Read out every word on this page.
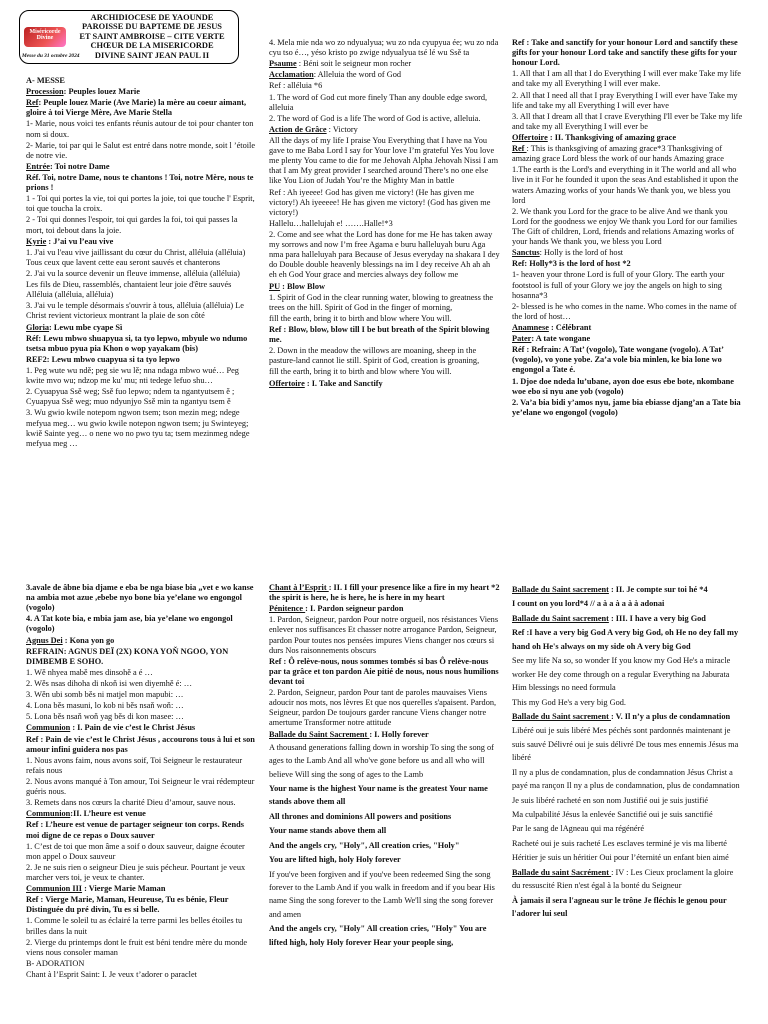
Miséricorde Divine
ARCHIDIOCESE DE YAOUNDE
PAROISSE DU BAPTEME DE JESUS
ET SAINT AMBROISE – CITE VERTE
CHŒUR DE LA MISERICORDE
DIVINE SAINT JEAN PAUL II
Messe du 31 octobre 2024

A- MESSE

Procession: Peuples louez Marie

Ref: Peuple louez Marie (Ave Marie) la mère au coeur aimant, gloire à toi Vierge Mère, Ave Marie Stella

1- Marie, nous voici tes enfants réunis autour de toi pour chanter ton nom si doux.

2- Marie, toi par qui le Salut est entré dans notre monde, soit l ’étoile de notre vie.

Entrée: Toi notre Dame

Réf. Toi, notre Dame, nous te chantons ! Toi, notre Mère, nous te prions !

1 - Toi qui portes la vie, toi qui portes la joie, toi que touche l' Esprit, toi que toucha la croix.

2 - Toi qui donnes l'espoir, toi qui gardes la foi, toi qui passes la mort, toi debout dans la joie.

Kyrie : J’ai vu l’eau vive

1. J'ai vu l'eau vive jaillissant du cœur du Christ, alléluia (alléluia) Tous ceux que lavent cette eau seront sauvés et chanterons

2. J'ai vu la source devenir un fleuve immense, alléluia (alléluia)

Les fils de Dieu, rassemblés, chantaient leur joie d'être sauvés Alléluia (alléluia, alléluia)

3. J'ai vu le temple désormais s'ouvrir à tous, alléluia (alléluia) Le Christ revient victorieux montrant la plaie de son côté

Gloria: Lewu mbe cyape Sì

Réf: Lewu mbwo shuapyua si, ta tyo lepwo, mbyule wo ndumo tsetsa mbuo pyua pia Khon o wop yayakam (bis)

REF2: Lewu mbwo cuapyua si ta tyo lepwo

1. Peg wute wu ndě; peg sie wu lě; nna ndaga mbwo wué… Peg kwite mvo wu; ndzop me ku' mu; nti tedege lefuo shu…

2. Cyuapyua Ssě weg; Ssě fuo lepwo; ndem ta ngantyutsem ě ; Cyuapyua Ssě weg; muo ndyunjyo Ssě min ta ngantyu tsem ě

3. Wu gwio kwile notepom ngwon tsem; tson mezin meg; ndege mefyua meg… wu gwio kwile notepon ngwon tsem; ju Swinteyeg; kwiě Sainte yeg… o nene wo no pwo tyu ta; tsem mezinmeg ndege mefyua meg …

4. Mela mie nda wo zo ndyualyua; wu zo nda cyupyua ée; wu zo nda cyu tso é…, yéso kristo po zwige ndyualyua tsé lé wu Ssě ta

Psaume : Béni soit le seigneur mon rocher

Acclamation: Alleluia the word of God

Ref : alléluia *6

1. The word of God cut more finely Than any double edge sword, alleluia

2. The word of God is a life The word of God is active, alleluia.

Action de Grâce : Victory

All the days of my life I praise You Everything that I have na You gave to me Baba Lord I say for Your love I’m grateful Yes You love me plenty You came to die for me Jehovah Alpha Jehovah Nissi I am that I am My great provider I searched around There’s no one else like You Lion of Judah You’re the Mighty Man in battle

Ref : Ah iyeeee! God has given me victory! (He has given me victory!) Ah iyeeeee! He has given me victory! (God has given me victory!)

Hallelu…hallelujah e! …….Halle!*3

2. Come and see what the Lord has done for me He has taken away my sorrows and now I’m free Agama e buru halleluyah buru Aga nma para halleluyah para Because of Jesus everyday na shakara I dey do Double double heavenly blessings na im I dey receive Ah ah ah eh eh God Your grace and mercies always dey follow me

PU : Blow Blow

1. Spirit of God in the clear running water, blowing to greatness the trees on the hill. Spirit of God in the finger of morning,

fill the earth, bring it to birth and blow where You will.

Ref : Blow, blow, blow till I be but breath of the Spirit blowing me.

2. Down in the meadow the willows are moaning, sheep in the pasture-land cannot lie still. Spirit of God, creation is groaning,

fill the earth, bring it to birth and blow where You will.

Offertoire : I. Take and Sanctify

Ref : Take and sanctify for your honour Lord and sanctify these gifts for your honour Lord take and sanctify these gifts for your honour Lord.

1. All that I am all that I do Everything I will ever make Take my life and take my all Everything I will ever make.

2. All that I need all that I pray Everything I will ever have Take my life and take my all Everything I will ever have

3. All that I dream all that I crave Everything I'll ever be Take my life and take my all Everything I will ever be

Offertoire : II. Thanksgiving of amazing grace

Ref : This is thanksgiving of amazing grace*3 Thanksgiving of amazing grace Lord bless the work of our hands Amazing grace

1.The earth is the Lord's and everything in it The world and all who live in it For he founded it upon the seas And established it upon the waters Amazing works of your hands We thank you, we bless you lord

2. We thank you Lord for the grace to be alive And we thank you Lord for the goodness we enjoy We thank you Lord for our families The Gift of children, Lord, friends and relations Amazing works of your hands We thank you, we bless you Lord

Sanctus: Holly is the lord of host

Ref: Holly*3 is the lord of host *2

1- heaven your throne Lord is full of your Glory. The earth your footstool is full of your Glory we joy the angels on high to sing hosanna*3

2- blessed is he who comes in the name. Who comes in the name of the lord of host…

Anamnese : Célébrant

Pater: A tate wongane

Réf : Refrain: A Tat’ (vogolo), Tate wongane (vogolo). A Tat’ (vogolo), vo yone yobe. Za’a vole bia minlen, ke bia lone wo engongol a Tate é.

1. Djoe doe ndeda lu’ubane, ayon doe esus ebe bote, nkombane woe ebo si nyu ane yob (vogolo)

2. Va’a bia bidi y’amos nyu, jame bia ebiasse djang’an a Tate bia ye’elane wo engongol (vogolo)

3.avale de âbne bia djame e eba be nga biase bia „vet e wo kanse na ambia mot azue ,ebebe nyo bone bia ye’elane wo engongol (vogolo)

4. A Tat kote bia, e mbia jam ase, bia ye’elane wo engongol (vogolo)

Agnus Dei : Kona yon go

REFRAIN: AGNUS DEÏ (2X) KONA YOŇ NGOO, YON DIMBEMB E SOHO.

1. Wě nhyea mabě mes dinsohě a é …

2. Wěs nsas dihoha di nkoň isi wen diyemhě é: …

3. Wěn ubi somb běs ni matjel mon mapubi: …

4. Lona běs masuni, lo kob ni běs nsaň woň: …

5. Lona běs nsaň woň yag běs di kon masee: …

Communion : I. Pain de vie c’est le Christ Jésus

Ref : Pain de vie c’est le Christ Jésus , accourons tous à lui et son amour infini guidera nos pas

1. Nous avons faim, nous avons soif, Toi Seigneur le restaurateur refais nous

2. Nous avons manqué à Ton amour, Toi Seigneur le vrai rédempteur guéris nous.

3. Remets dans nos cœurs la charité Dieu d’amour, sauve nous.

Communion:II. L’heure est venue

Ref : L’heure est venue de partager seigneur ton corps. Rends moi digne de ce repas o Doux sauver

1. C’est de toi que mon âme a soif o doux sauveur, daigne écouter mon appel o Doux sauveur

2. Je ne suis rien o seigneur Dieu je suis pécheur. Pourtant je veux marcher vers toi, je veux te chanter.

Communion III : Vierge Marie Maman

Ref : Vierge Marie, Maman, Heureuse, Tu es bénie, Fleur Distinguée du pré divin, Tu es si belle.

1. Comme le soleil tu as éclairé la terre parmi les belles étoiles tu brilles dans la nuit

2. Vierge du printemps dont le fruit est béni tendre mère du monde viens nous consoler maman

B- ADORATION

Chant à l’Esprit Saint: I. Je veux t’adorer o paraclet

Chant à l’Esprit : II. I fill your presence like a fire in my heart *2 the spirit is here, he is here, he is here in my heart

Pénitence : I. Pardon seigneur pardon

1. Pardon, Seigneur, pardon Pour notre orgueil, nos résistances Viens enlever nos suffisances Et chasser notre arrogance Pardon, Seigneur, pardon Pour toutes nos pensées impures Viens changer nos cœurs si durs Nos raisonnements obscurs

Ref : Ô relève-nous, nous sommes tombés si bas Ô relève-nous par ta grâce et ton pardon Aie pitié de nous, nous nous humilions devant toi

2. Pardon, Seigneur, pardon Pour tant de paroles mauvaises Viens adoucir nos mots, nos lèvres Et que nos querelles s'apaisent. Pardon, Seigneur, pardon De toujours garder rancune Viens changer notre amertume Transformer notre attitude

Ballade du Saint Sacrement : I. Holly forever

A thousand generations falling down in worship To sing the song of ages to the Lamb And all who've gone before us and all who will believe Will sing the song of ages to the Lamb

Your name is the highest Your name is the greatest Your name stands above them all

All thrones and dominions All powers and positions

Your name stands above them all

And the angels cry, "Holy", All creation cries, "Holy"

You are lifted high, holy Holy forever

If you've been forgiven and if you've been redeemed Sing the song forever to the Lamb And if you walk in freedom and if you bear His name Sing the song forever to the Lamb We'll sing the song forever and amen

And the angels cry, "Holy" All creation cries, "Holy" You are lifted high, holy Holy forever Hear your people sing,

Ballade du Saint sacrement : II. Je compte sur toi hé *4

I count on you lord*4 // a à a à a à à adonai

Ballade du Saint sacrement : III. I have a very big God

Ref :I have a very big God A very big God, oh He no dey fall my hand oh He's always on my side oh A very big God

See my life Na so, so wonder If you know my God He's a miracle worker He dey come through on a regular Everything na Jaburata Him blessings no need formula

This my God He's a very big God.

Ballade du Saint sacrement : V. Il n’y a plus de condamnation

Libéré oui je suis libéré Mes péchés sont pardonnés maintenant je suis sauvé Délivré oui je suis délivré De tous mes ennemis Jésus ma libéré

Il ny a plus de condamnation, plus de condamnation Jésus Christ a payé ma rançon Il ny a plus de condamnation, plus de condamnation

Je suis libéré racheté en son nom Justifié oui je suis justifié

Ma culpabilité Jésus la enlevée Sanctifié oui je suis sanctifié

Par le sang de lAgneau qui ma régénéré

Racheté oui je suis racheté Les esclaves terminé je vis ma liberté

Héritier je suis un héritier Oui pour l’éternité un enfant bien aimé

Ballade du saint Sacrément : IV : Les Cieux proclament la gloire du ressuscité Rien n'est égal à la bonté du Seigneur

À jamais il sera l'agneau sur le trône Je fléchis le genou pour l'adorer lui seul
